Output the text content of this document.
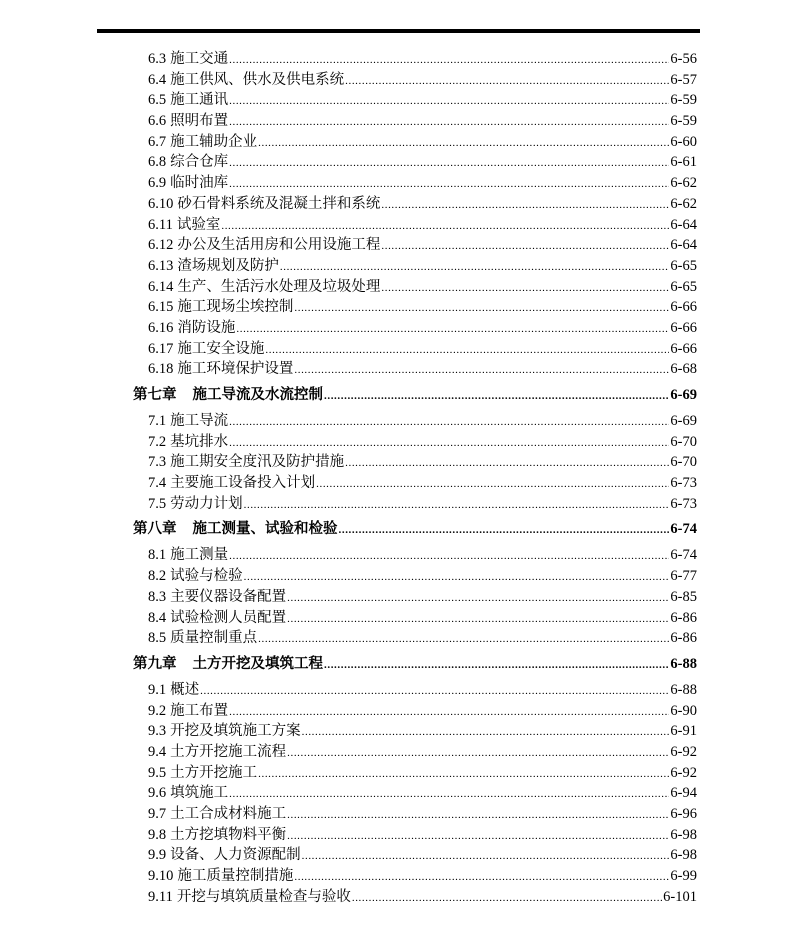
6.3 施工交通 .....	6-56
6.4 施工供风、供水及供电系统 .....	6-57
6.5 施工通讯 .....	6-59
6.6 照明布置 .....	6-59
6.7 施工辅助企业 .....	6-60
6.8 综合仓库 .....	6-61
6.9 临时油库 .....	6-62
6.10 砂石骨料系统及混凝土拌和系统 .....	6-62
6.11 试验室 .....	6-64
6.12 办公及生活用房和公用设施工程 .....	6-64
6.13 渣场规划及防护 .....	6-65
6.14 生产、生活污水处理及垃圾处理 .....	6-65
6.15 施工现场尘埃控制 .....	6-66
6.16 消防设施 .....	6-66
6.17 施工安全设施 .....	6-66
6.18 施工环境保护设置 .....	6-68
第七章 施工导流及水流控制 .....	6-69
7.1 施工导流 .....	6-69
7.2 基坑排水 .....	6-70
7.3 施工期安全度汛及防护措施 .....	6-70
7.4 主要施工设备投入计划 .....	6-73
7.5 劳动力计划 .....	6-73
第八章 施工测量、试验和检验 .....	6-74
8.1 施工测量 .....	6-74
8.2 试验与检验 .....	6-77
8.3 主要仪器设备配置 .....	6-85
8.4 试验检测人员配置 .....	6-86
8.5 质量控制重点 .....	6-86
第九章 土方开挖及填筑工程 .....	6-88
9.1 概述 .....	6-88
9.2 施工布置 .....	6-90
9.3 开挖及填筑施工方案 .....	6-91
9.4 土方开挖施工流程 .....	6-92
9.5 土方开挖施工 .....	6-92
9.6 填筑施工 .....	6-94
9.7 土工合成材料施工 .....	6-96
9.8 土方挖填物料平衡 .....	6-98
9.9 设备、人力资源配制 .....	6-98
9.10 施工质量控制措施 .....	6-99
9.11 开挖与填筑质量检查与验收 .....	6-101
